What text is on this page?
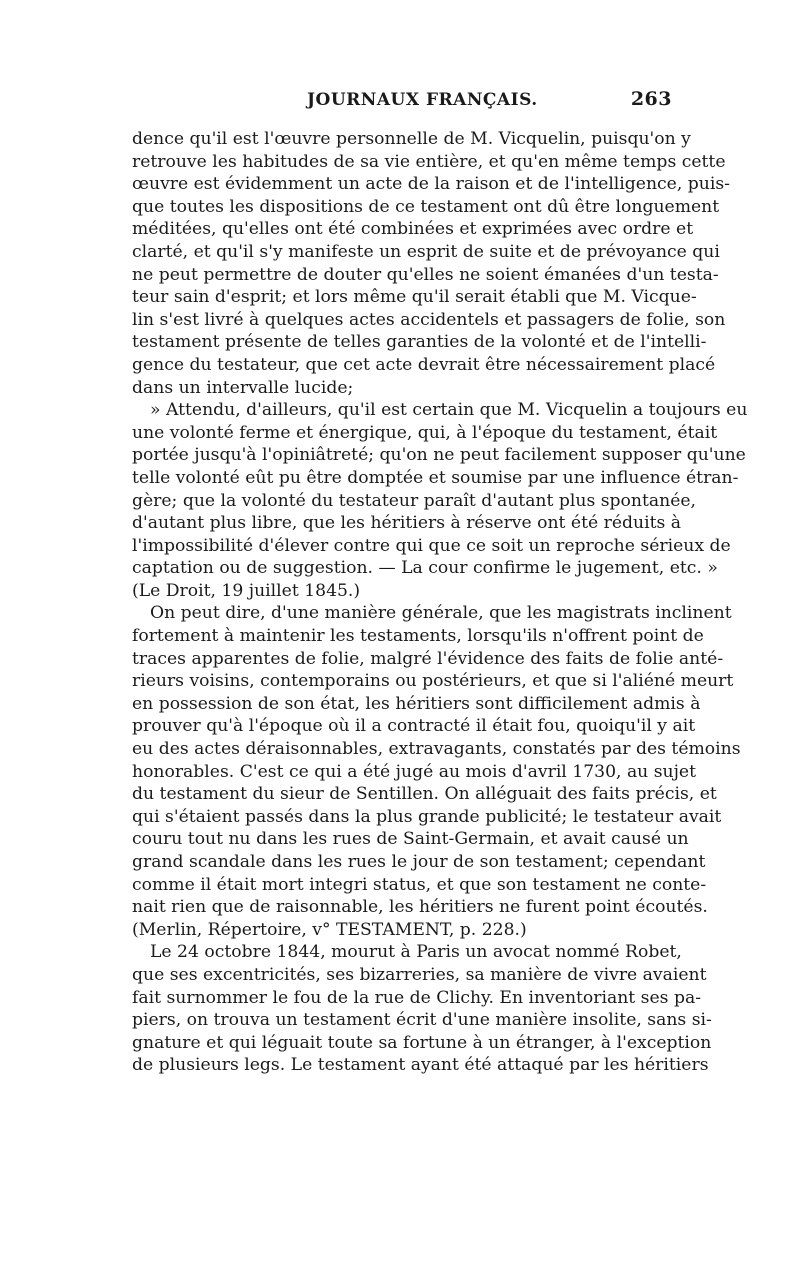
JOURNAUX FRANÇAIS.	263
dence qu'il est l'œuvre personnelle de M. Vicquelin, puisqu'on y
retrouve les habitudes de sa vie entière, et qu'en même temps cette
œuvre est évidemment un acte de la raison et de l'intelligence, puis-
que toutes les dispositions de ce testament ont dû être longuement
méditées, qu'elles ont été combinées et exprimées avec ordre et
clarté, et qu'il s'y manifeste un esprit de suite et de prévoyance qui
ne peut permettre de douter qu'elles ne soient émanées d'un testa-
teur sain d'esprit; et lors même qu'il serait établi que M. Vicque-
lin s'est livré à quelques actes accidentels et passagers de folie, son
testament présente de telles garanties de la volonté et de l'intelli-
gence du testateur, que cet acte devrait être nécessairement placé
dans un intervalle lucide;
» Attendu, d'ailleurs, qu'il est certain que M. Vicquelin a toujours eu
une volonté ferme et énergique, qui, à l'époque du testament, était
portée jusqu'à l'opiniâtreté; qu'on ne peut facilement supposer qu'une
telle volonté eût pu être domptée et soumise par une influence étran-
gère; que la volonté du testateur paraît d'autant plus spontanée,
d'autant plus libre, que les héritiers à réserve ont été réduits à
l'impossibilité d'élever contre qui que ce soit un reproche sérieux de
captation ou de suggestion. — La cour confirme le jugement, etc. »
(Le Droit, 19 juillet 1845.)
On peut dire, d'une manière générale, que les magistrats inclinent
fortement à maintenir les testaments, lorsqu'ils n'offrent point de
traces apparentes de folie, malgré l'évidence des faits de folie anté-
rieurs voisins, contemporains ou postérieurs, et que si l'aliéné meurt
en possession de son état, les héritiers sont difficilement admis à
prouver qu'à l'époque où il a contracté il était fou, quoiqu'il y ait
eu des actes déraisonnables, extravagants, constatés par des témoins
honorables. C'est ce qui a été jugé au mois d'avril 1730, au sujet
du testament du sieur de Sentillen. On alléguait des faits précis, et
qui s'étaient passés dans la plus grande publicité; le testateur avait
couru tout nu dans les rues de Saint-Germain, et avait causé un
grand scandale dans les rues le jour de son testament; cependant
comme il était mort integri status, et que son testament ne conte-
nait rien que de raisonnable, les héritiers ne furent point écoutés.
(Merlin, Répertoire, v° TESTAMENT, p. 228.)
Le 24 octobre 1844, mourut à Paris un avocat nommé Robet,
que ses excentricités, ses bizarreries, sa manière de vivre avaient
fait surnommer le fou de la rue de Clichy. En inventoriant ses pa-
piers, on trouva un testament écrit d'une manière insolite, sans si-
gnature et qui léguait toute sa fortune à un étranger, à l'exception
de plusieurs legs. Le testament ayant été attaqué par les héritiers
